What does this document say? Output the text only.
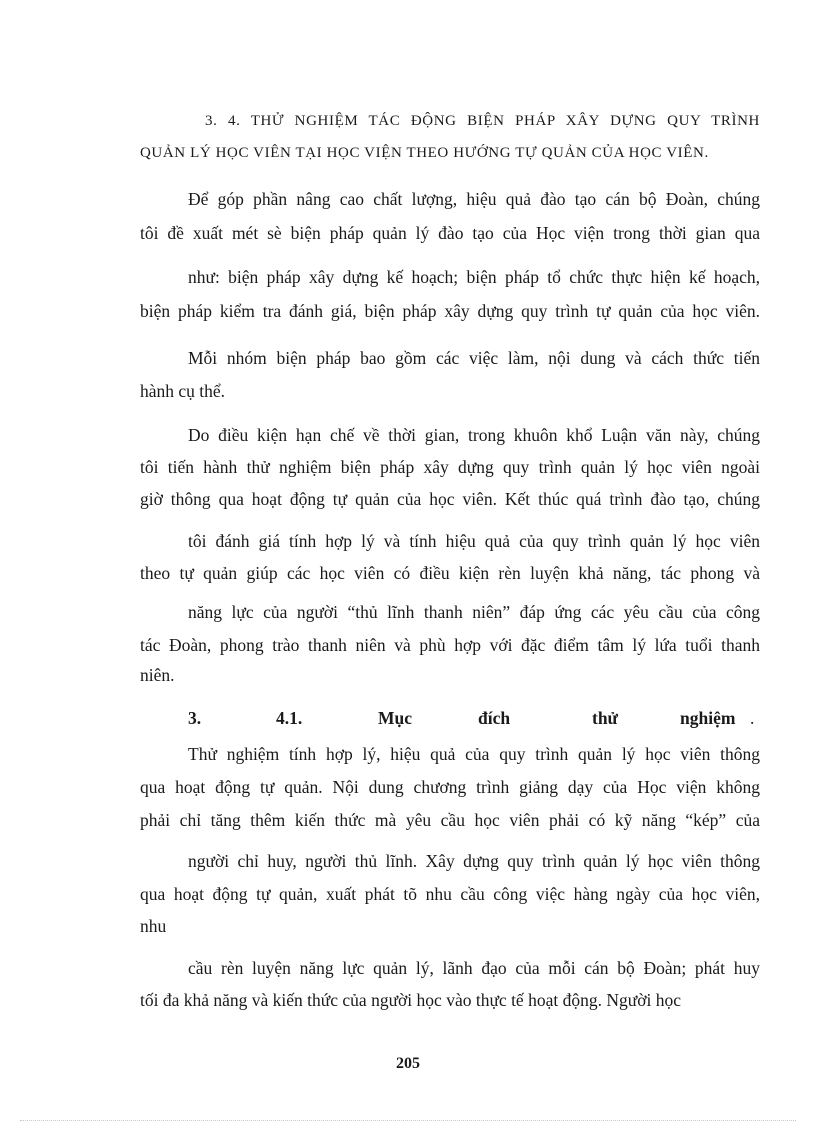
3. 4. THỬ NGHIỆM TÁC ĐỘNG BIỆN PHÁP XÂY DỰNG QUY TRÌNH
QUẢN LÝ HỌC VIÊN TẠI HỌC VIỆN THEO HƯỚNG TỰ QUẢN CỦA HỌC VIÊN.
Để góp phần nâng cao chất lượng, hiệu quả đào tạo cán bộ Đoàn, chúng
tôi đề xuất mét sè biện pháp quản lý đào tạo của Học viện trong thời gian qua
như: biện pháp xây dựng kế hoạch; biện pháp tổ chức thực hiện kế hoạch,
biện pháp kiểm tra đánh giá, biện pháp xây dựng quy trình tự quản của học viên.
Mỗi nhóm biện pháp bao gồm các việc làm, nội dung và cách thức tiến
hành cụ thể.
Do điều kiện hạn chế về thời gian, trong khuôn khổ Luận văn này, chúng
tôi tiến hành thử nghiệm biện pháp xây dựng quy trình quản lý học viên ngoài
giờ thông qua hoạt động tự quản của học viên. Kết thúc quá trình đào tạo, chúng
tôi đánh giá tính hợp lý và tính hiệu quả của quy trình quản lý học viên
theo tự quản giúp các học viên có điều kiện rèn luyện khả năng, tác phong và
năng lực của người “thủ lĩnh thanh niên” đáp ứng các yêu cầu của công
tác Đoàn, phong trào thanh niên và phù hợp với đặc điểm tâm lý lứa tuổi thanh
niên.
3.	4.1.	Mục	đích	thử	nghiệm .
Thử nghiệm tính hợp lý, hiệu quả của quy trình quản lý học viên thông
qua hoạt động tự quản. Nội dung chương trình giảng dạy của Học viện không
phải chỉ tăng thêm kiến thức mà yêu cầu học viên phải có kỹ năng “kép” của
người chỉ huy, người thủ lĩnh. Xây dựng quy trình quản lý học viên thông
qua hoạt động tự quản, xuất phát tõ nhu cầu công việc hàng ngày của học viên,
nhu
cầu rèn luyện năng lực quản lý, lãnh đạo của mỗi cán bộ Đoàn; phát huy
tối đa khả năng và kiến thức của người học vào thực tế hoạt động. Người học
205
